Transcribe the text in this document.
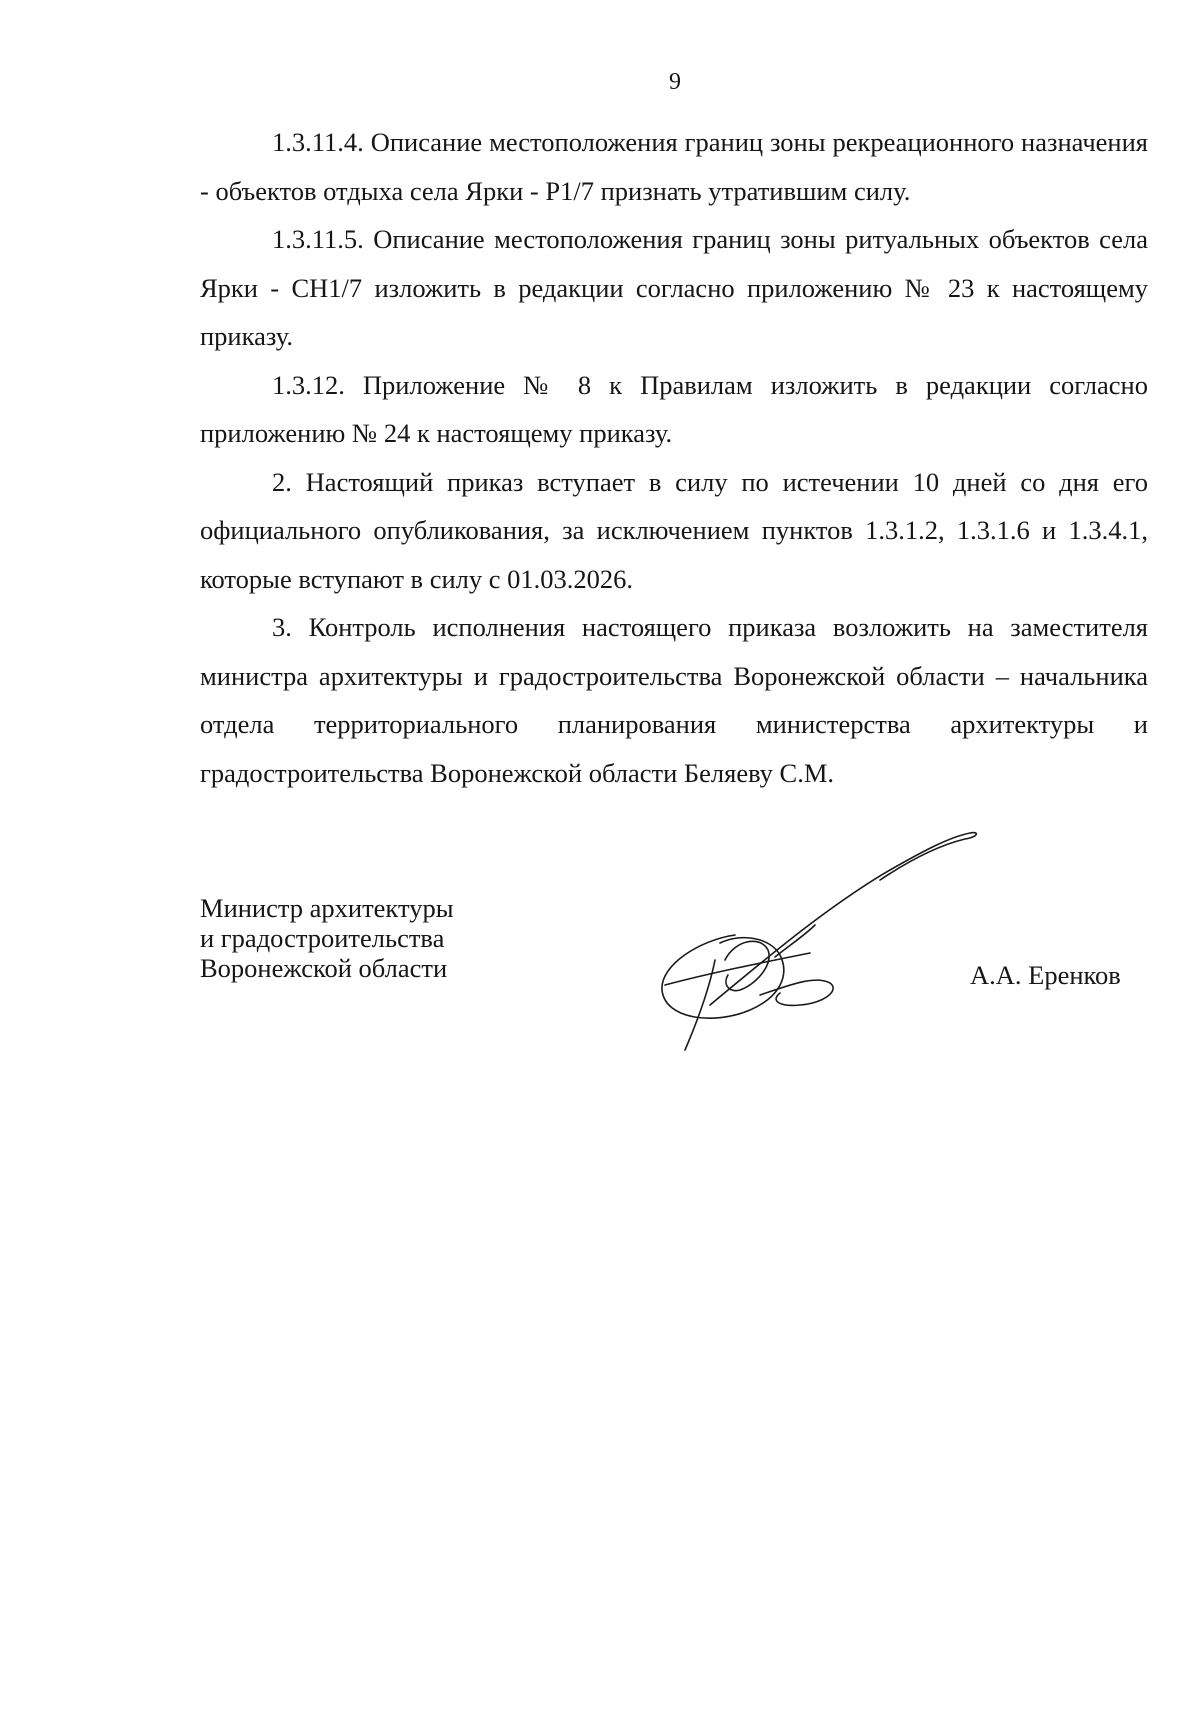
9

1.3.11.4. Описание местоположения границ зоны рекреационного назначения - объектов отдыха села Ярки - Р1/7 признать утратившим силу.

1.3.11.5. Описание местоположения границ зоны ритуальных объектов села Ярки - СН1/7 изложить в редакции согласно приложению № 23 к настоящему приказу.

1.3.12. Приложение № 8 к Правилам изложить в редакции согласно приложению № 24 к настоящему приказу.

2. Настоящий приказ вступает в силу по истечении 10 дней со дня его официального опубликования, за исключением пунктов 1.3.1.2, 1.3.1.6 и 1.3.4.1, которые вступают в силу с 01.03.2026.

3. Контроль исполнения настоящего приказа возложить на заместителя министра архитектуры и градостроительства Воронежской области – начальника отдела территориального планирования министерства архитектуры и градостроительства Воронежской области Беляеву С.М.

Министр архитектуры
и градостроительства
Воронежской области	А.А. Еренков
